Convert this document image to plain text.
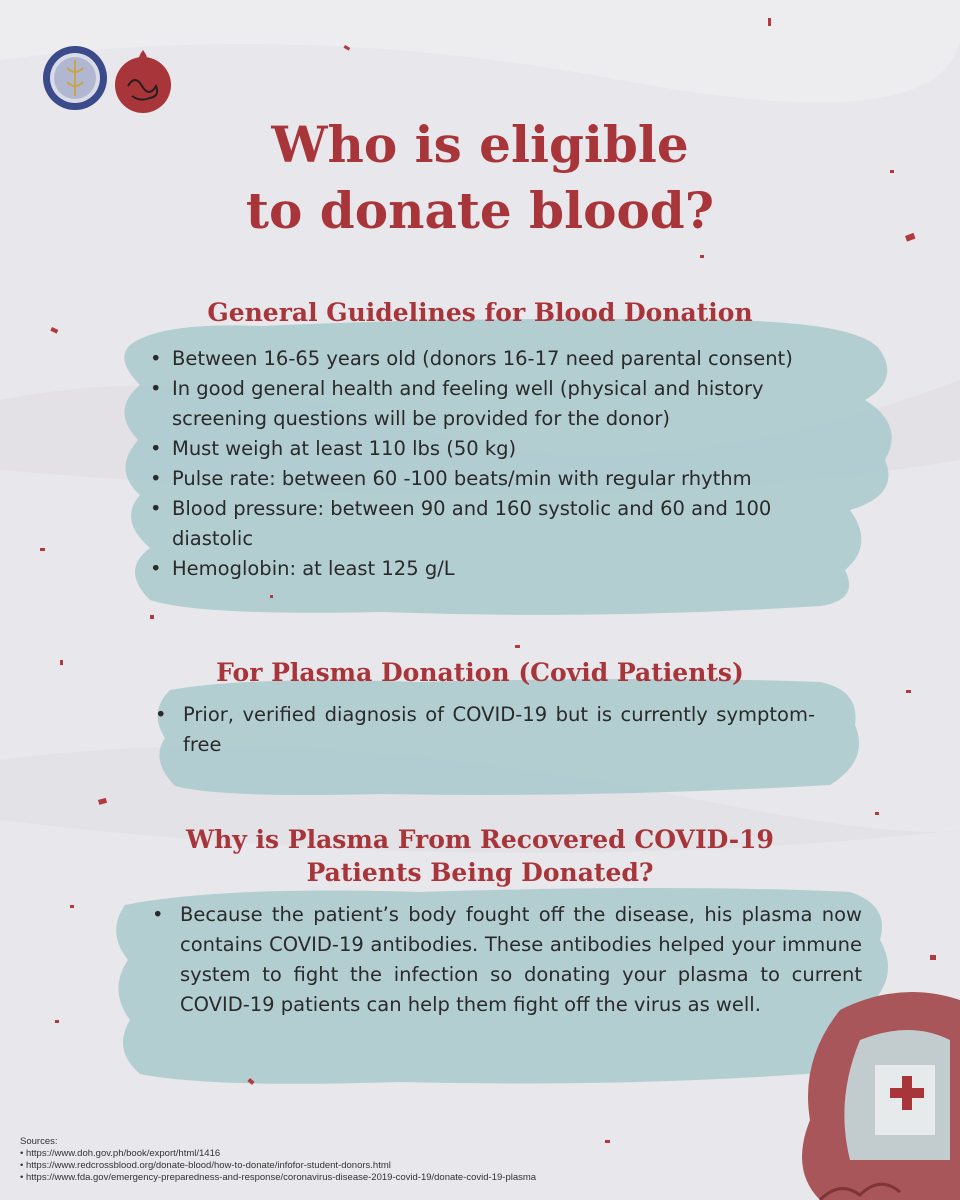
Who is eligible
to donate blood?
General Guidelines for Blood Donation
• Between 16-65 years old (donors 16-17 need parental consent)
• In good general health and feeling well (physical and history screening questions will be provided for the donor)
• Must weigh at least 110 lbs (50 kg)
• Pulse rate: between 60 -100 beats/min with regular rhythm
• Blood pressure: between 90 and 160 systolic and 60 and 100 diastolic
• Hemoglobin: at least 125 g/L
For Plasma Donation (Covid Patients)
• Prior, verified diagnosis of COVID-19 but is currently symptom-free
Why is Plasma From Recovered COVID-19
Patients Being Donated?
• Because the patient’s body fought off the disease, his plasma now contains COVID-19 antibodies. These antibodies helped your immune system to fight the infection so donating your plasma to current COVID-19 patients can help them fight off the virus as well.
Sources:
• https://www.doh.gov.ph/book/export/html/1416
• https://www.redcrossblood.org/donate-blood/how-to-donate/infofor-student-donors.html
• https://www.fda.gov/emergency-preparedness-and-response/coronavirus-disease-2019-covid-19/donate-covid-19-plasma
